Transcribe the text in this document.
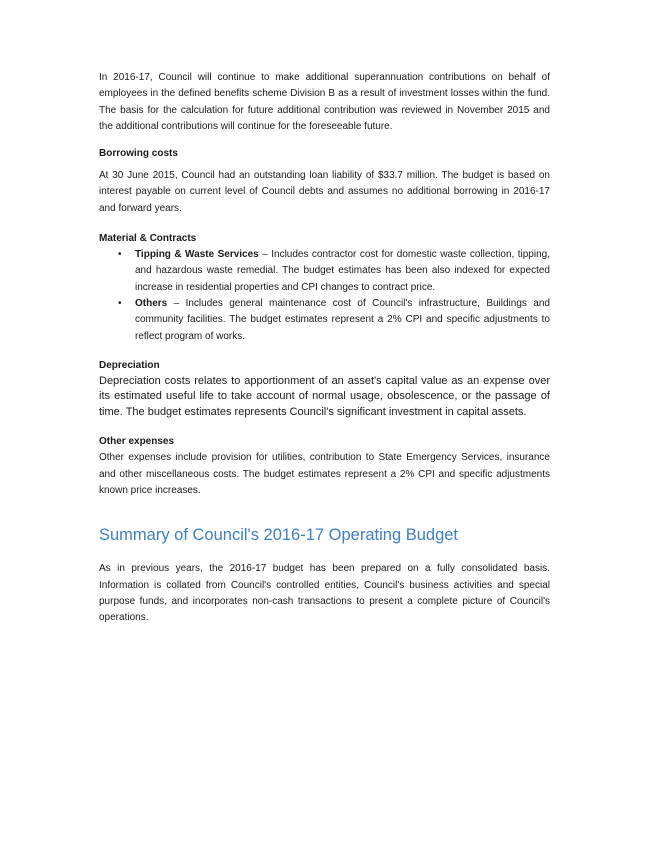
In 2016-17, Council will continue to make additional superannuation contributions on behalf of employees in the defined benefits scheme Division B as a result of investment losses within the fund. The basis for the calculation for future additional contribution was reviewed in November 2015 and the additional contributions will continue for the foreseeable future.

Borrowing costs

At 30 June 2015, Council had an outstanding loan liability of $33.7 million. The budget is based on interest payable on current level of Council debts and assumes no additional borrowing in 2016-17 and forward years.

Material & Contracts
• Tipping & Waste Services – Includes contractor cost for domestic waste collection, tipping, and hazardous waste remedial. The budget estimates has been also indexed for expected increase in residential properties and CPI changes to contract price.
• Others – Includes general maintenance cost of Council's infrastructure, Buildings and community facilities. The budget estimates represent a 2% CPI and specific adjustments to reflect program of works.
Depreciation

Depreciation costs relates to apportionment of an asset's capital value as an expense over its estimated useful life to take account of normal usage, obsolescence, or the passage of time. The budget estimates represents Council's significant investment in capital assets.

Other expenses

Other expenses include provision for utilities, contribution to State Emergency Services, insurance and other miscellaneous costs. The budget estimates represent a 2% CPI and specific adjustments known price increases.

Summary of Council's 2016-17 Operating Budget

As in previous years, the 2016-17 budget has been prepared on a fully consolidated basis. Information is collated from Council's controlled entities, Council's business activities and special purpose funds, and incorporates non-cash transactions to present a complete picture of Council's operations.
